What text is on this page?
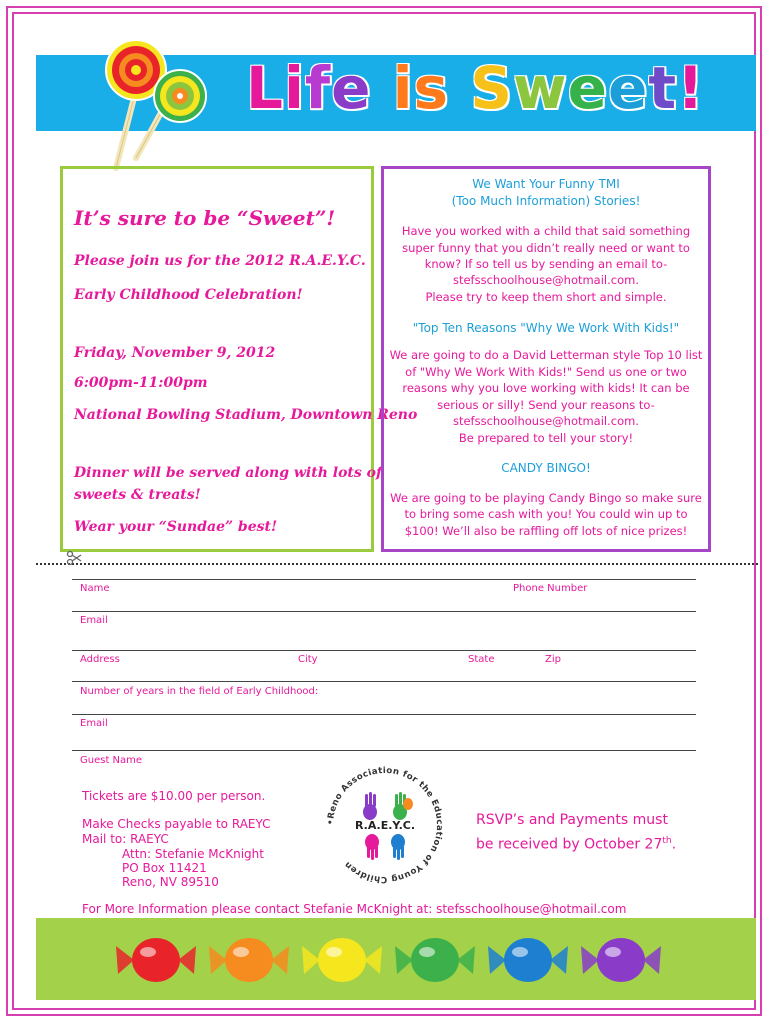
Life is Sweet!
It’s sure to be “Sweet”!
Please join us for the 2012 R.A.E.Y.C.
Early Childhood Celebration!
Friday, November 9, 2012
6:00pm-11:00pm
National Bowling Stadium, Downtown Reno
Dinner will be served along with lots of
sweets & treats!
Wear your “Sundae” best!
We Want Your Funny TMI
(Too Much Information) Stories!
Have you worked with a child that said something
super funny that you didn’t really need or want to
know? If so tell us by sending an email to-
stefsschoolhouse@hotmail.com.
Please try to keep them short and simple.
"Top Ten Reasons "Why We Work With Kids!"
We are going to do a David Letterman style Top 10 list
of "Why We Work With Kids!" Send us one or two
reasons why you love working with kids! It can be
serious or silly! Send your reasons to-
stefsschoolhouse@hotmail.com.
Be prepared to tell your story!
CANDY BINGO!
We are going to be playing Candy Bingo so make sure
to bring some cash with you! You could win up to
$100! We’ll also be raffling off lots of nice prizes!
Name	Phone Number
Email
Address	City	State	Zip
Number of years in the field of Early Childhood:
Email
Guest Name
Tickets are $10.00 per person.
Make Checks payable to RAEYC
Mail to: RAEYC
Attn: Stefanie McKnight
PO Box 11421
Reno, NV 89510
•Reno Association for the Education of Young Children
R.A.E.Y.C.	RSVP’s and Payments must
be received by October 27th.
For More Information please contact Stefanie McKnight at: stefsschoolhouse@hotmail.com
